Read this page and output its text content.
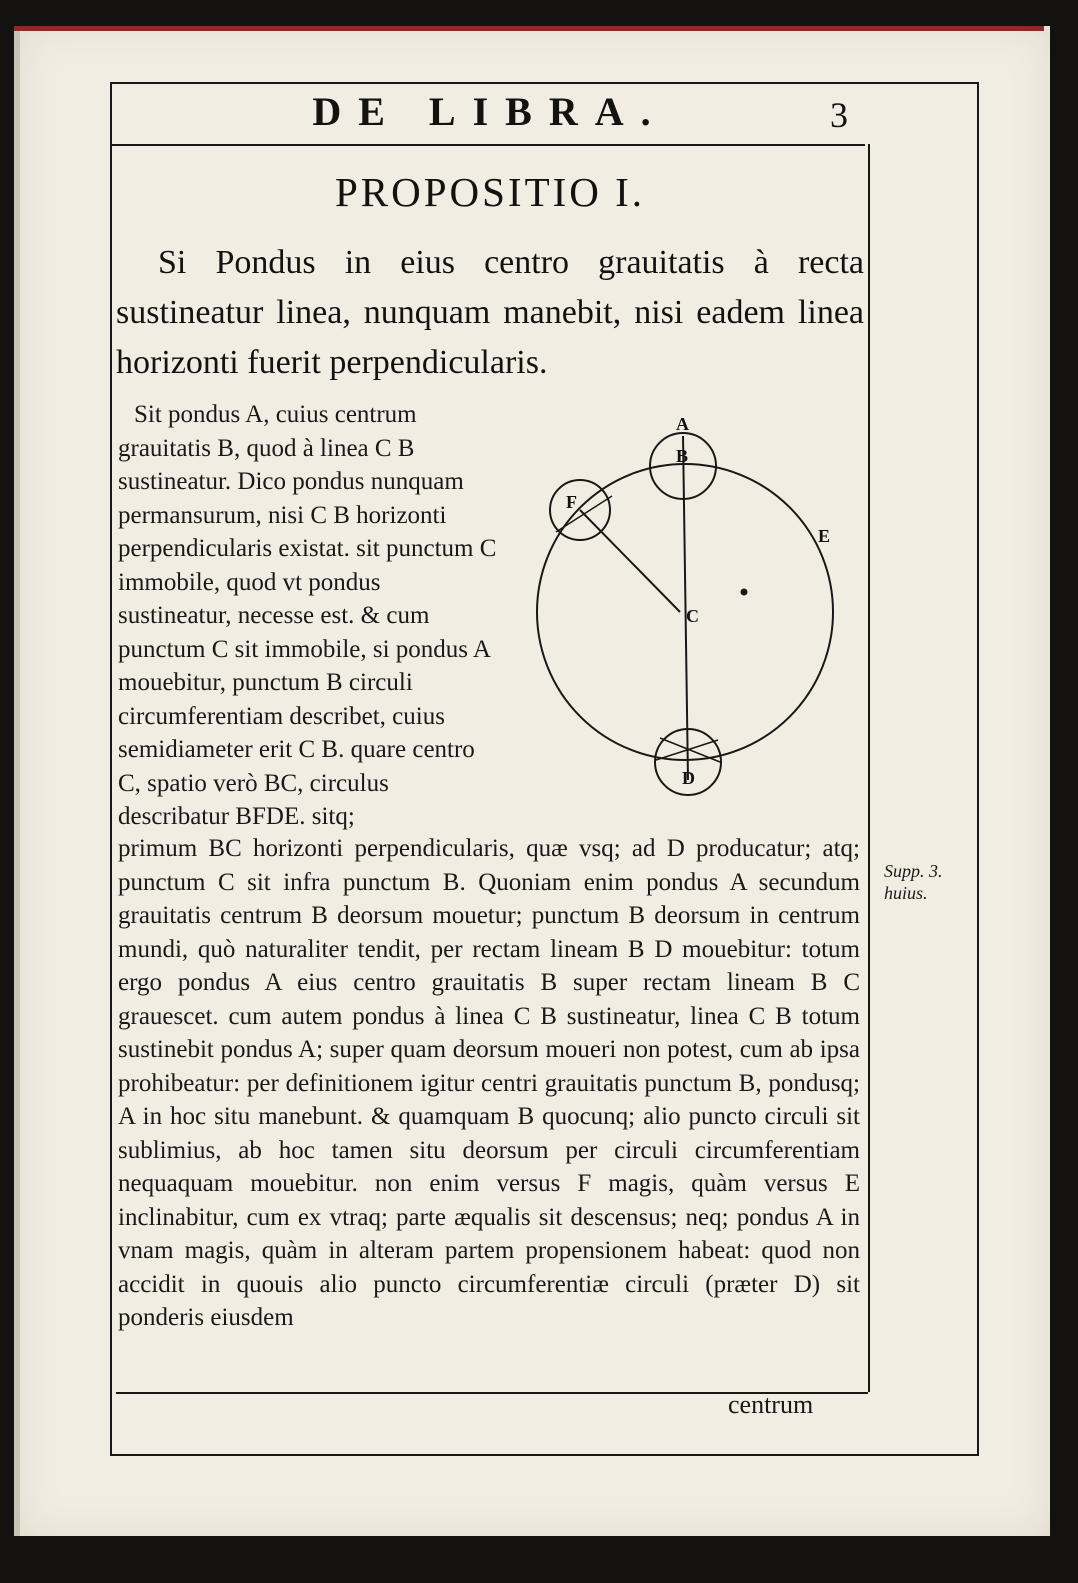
DE LIBRA.	3
PROPOSITIO I.
Si Pondus in eius centro grauitatis à recta sustineatur linea, nunquam manebit, nisi eadem linea horizonti fuerit perpendicularis.
Sit pondus A, cuius centrum grauitatis B, quod à linea C B sustineatur. Dico pondus nunquam permansurum, nisi C B horizonti perpendicularis existat. sit punctum C immobile, quod vt pondus sustineatur, necesse est. & cum punctum C sit immobile, si pondus A mouebitur, punctum B circuli circumferentiam describet, cuius semidiameter erit C B. quare centro C, spatio verò BC, circulus describatur BFDE. sitq;
A
B
C
D
E
F
primum BC horizonti perpendicularis, quæ vsq; ad D producatur; atq; punctum C sit infra punctum B. Quoniam enim pondus A secundum grauitatis centrum B deorsum mouetur; punctum B deorsum in centrum mundi, quò naturaliter tendit, per rectam lineam B D mouebitur: totum ergo pondus A eius centro grauitatis B super rectam lineam B C grauescet. cum autem pondus à linea C B sustineatur, linea C B totum sustinebit pondus A; super quam deorsum moueri non potest, cum ab ipsa prohibeatur: per definitionem igitur centri grauitatis punctum B, pondusq; A in hoc situ manebunt. & quamquam B quocunq; alio puncto circuli sit sublimius, ab hoc tamen situ deorsum per circuli circumferentiam nequaquam mouebitur. non enim versus F magis, quàm versus E inclinabitur, cum ex vtraq; parte æqualis sit descensus; neq; pondus A in vnam magis, quàm in alteram partem propensionem habeat: quod non accidit in quouis alio puncto circumferentiæ circuli (præter D) sit ponderis eiusdem
Supp. 3. huius.
centrum
